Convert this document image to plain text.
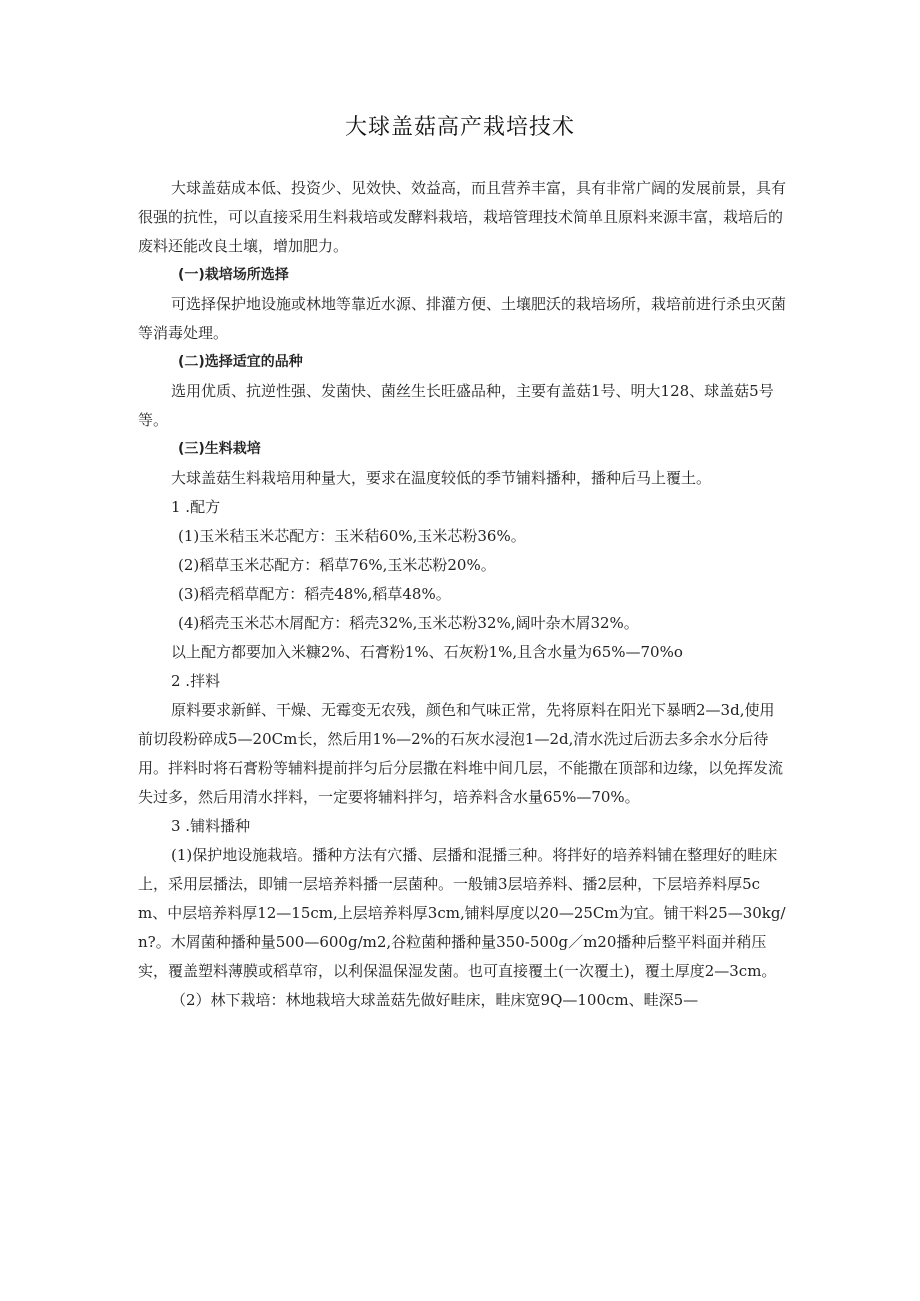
大球盖菇高产栽培技术

大球盖菇成本低、投资少、见效快、效益高，而且营养丰富，具有非常广阔的发展前景，具有很强的抗性，可以直接采用生料栽培或发酵料栽培，栽培管理技术简单且原料来源丰富，栽培后的废料还能改良土壤，增加肥力。

(一)栽培场所选择

可选择保护地设施或林地等靠近水源、排灌方便、土壤肥沃的栽培场所，栽培前进行杀虫灭菌等消毒处理。

(二)选择适宜的品种

选用优质、抗逆性强、发菌快、菌丝生长旺盛品种，主要有盖菇1号、明大128、球盖菇5号等。

(三)生料栽培

大球盖菇生料栽培用种量大，要求在温度较低的季节铺料播种，播种后马上覆土。

1 .配方

(1)玉米秸玉米芯配方：玉米秸60%,玉米芯粉36%。

(2)稻草玉米芯配方：稻草76%,玉米芯粉20%。

(3)稻壳稻草配方：稻壳48%,稻草48%。

(4)稻壳玉米芯木屑配方：稻壳32%,玉米芯粉32%,阔叶杂木屑32%。

以上配方都要加入米糠2%、石膏粉1%、石灰粉1%,且含水量为65%—70%o

2 .拌料

原料要求新鲜、干燥、无霉变无农残，颜色和气味正常，先将原料在阳光下暴晒2—3d,使用前切段粉碎成5—20Cm长，然后用1%—2%的石灰水浸泡1—2d,清水洗过后沥去多余水分后待用。拌料时将石膏粉等辅料提前拌匀后分层撒在料堆中间几层，不能撒在顶部和边缘，以免挥发流失过多，然后用清水拌料，一定要将辅料拌匀，培养料含水量65%—70%。

3 .铺料播种

(1)保护地设施栽培。播种方法有穴播、层播和混播三种。将拌好的培养料铺在整理好的畦床上，采用层播法，即铺一层培养料播一层菌种。一般铺3层培养料、播2层种，下层培养料厚5cm、中层培养料厚12—15cm,上层培养料厚3cm,铺料厚度以20—25Cm为宜。铺干料25—30kg/n?。木屑菌种播种量500—600g/m2,谷粒菌种播种量350-500g／m20播种后整平料面并稍压实，覆盖塑料薄膜或稻草帘，以利保温保湿发菌。也可直接覆土(一次覆土)，覆土厚度2—3cm。

（2）林下栽培：林地栽培大球盖菇先做好畦床，畦床宽9Q—100cm、畦深5—
